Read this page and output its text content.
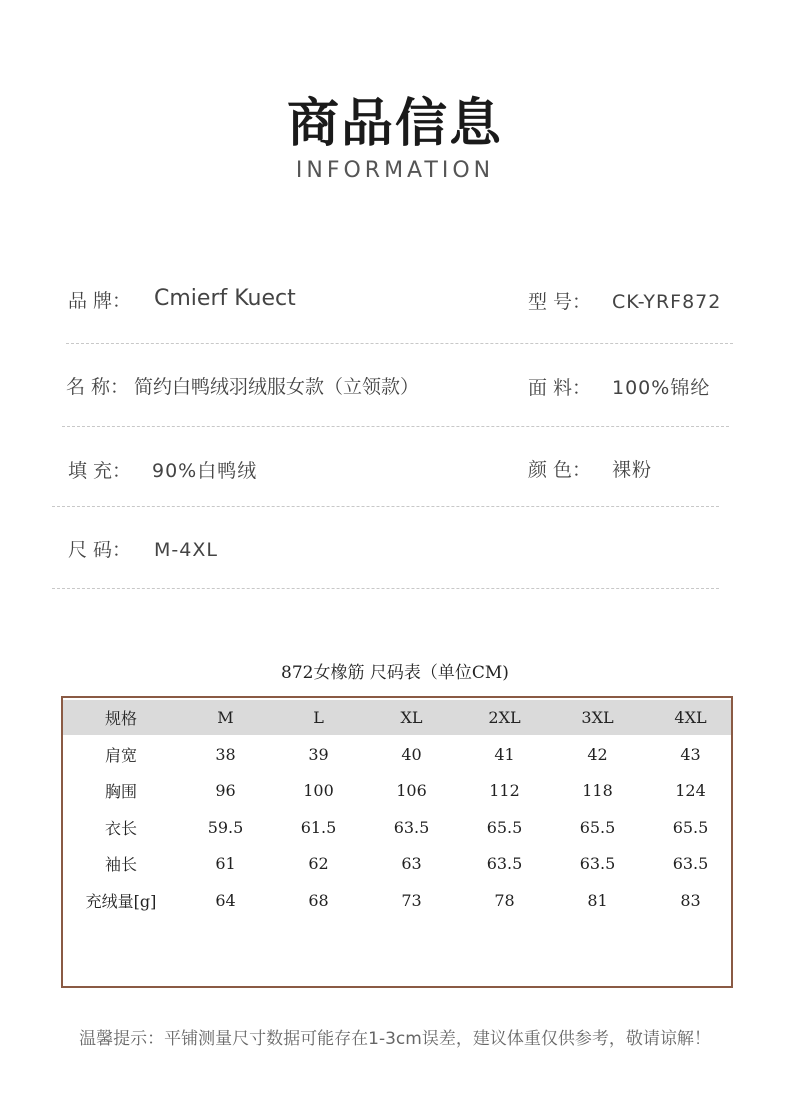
商品信息
INFORMATION
品 牌： Cmierf Kuect	型 号： CK-YRF872
名 称： 简约白鸭绒羽绒服女款（立领款）	面 料： 100%锦纶
填 充： 90%白鸭绒	颜 色： 裸粉
尺 码： M-4XL
872女橡筋 尺码表（单位CM)
规格	M	L	XL	2XL	3XL	4XL
肩宽	38	39	40	41	42	43
胸围	96	100	106	112	118	124
衣长	59.5	61.5	63.5	65.5	65.5	65.5
袖长	61	62	63	63.5	63.5	63.5
充绒量[g]	64	68	73	78	81	83
温馨提示：平铺测量尺寸数据可能存在1-3cm误差，建议体重仅供参考，敬请谅解！
